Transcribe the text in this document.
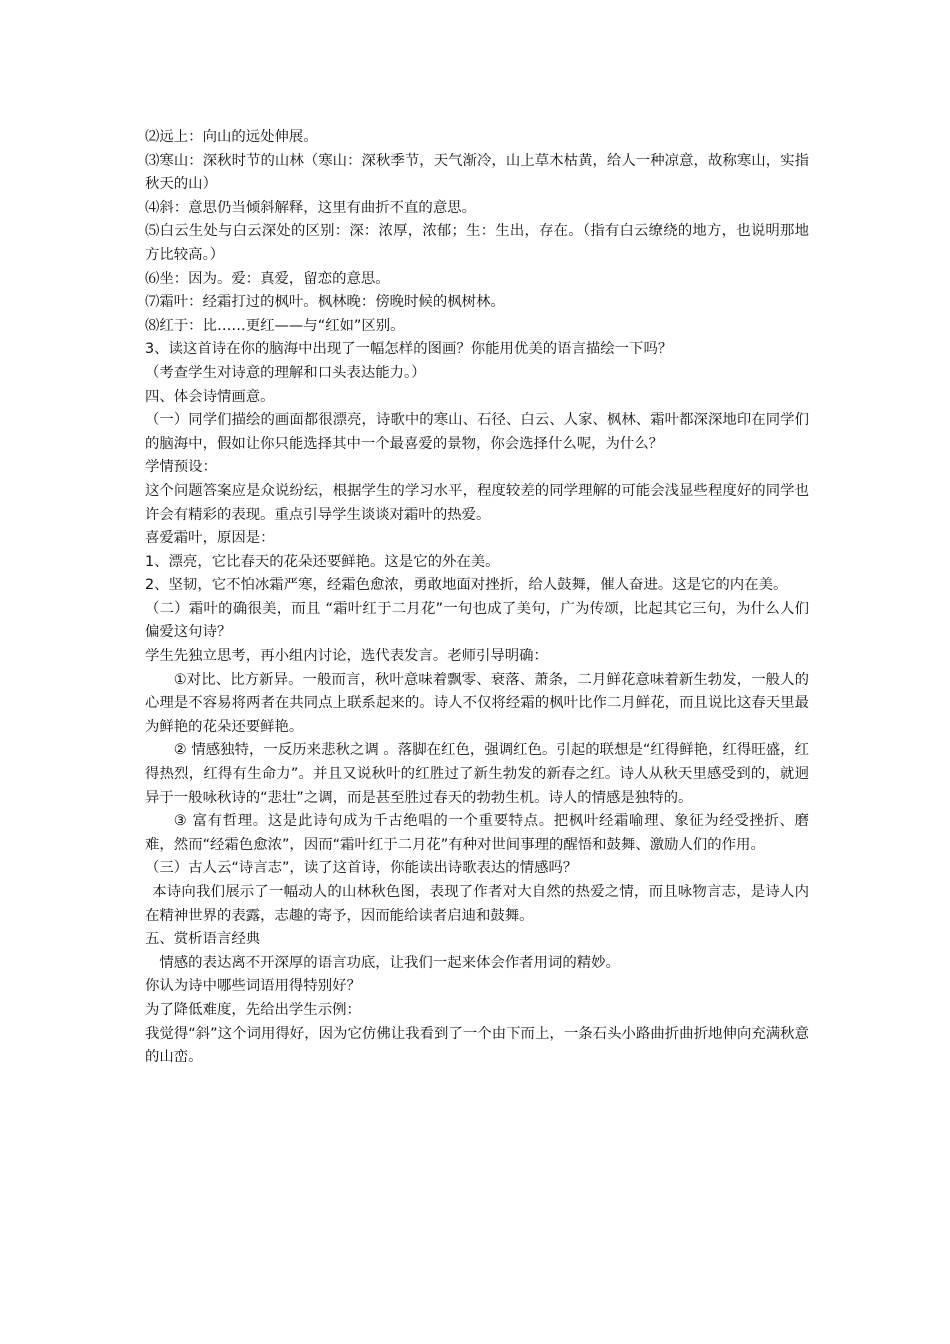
⑵远上：向山的远处伸展。

⑶寒山：深秋时节的山林（寒山：深秋季节，天气渐冷，山上草木枯黄，给人一种凉意，故称寒山，实指秋天的山）

⑷斜：意思仍当倾斜解释，这里有曲折不直的意思。

⑸白云生处与白云深处的区别：深：浓厚，浓郁；生：生出，存在。（指有白云缭绕的地方，也说明那地方比较高。）

⑹坐：因为。爱：真爱，留恋的意思。

⑺霜叶：经霜打过的枫叶。枫林晚：傍晚时候的枫树林。

⑻红于：比……更红——与“红如”区别。

3、读这首诗在你的脑海中出现了一幅怎样的图画？你能用优美的语言描绘一下吗？

（考查学生对诗意的理解和口头表达能力。）

四、体会诗情画意。

（一）同学们描绘的画面都很漂亮，诗歌中的寒山、石径、白云、人家、枫林、霜叶都深深地印在同学们的脑海中，假如让你只能选择其中一个最喜爱的景物，你会选择什么呢，为什么？

学情预设：

这个问题答案应是众说纷纭，根据学生的学习水平，程度较差的同学理解的可能会浅显些程度好的同学也许会有精彩的表现。重点引导学生谈谈对霜叶的热爱。

喜爱霜叶，原因是：

1、漂亮，它比春天的花朵还要鲜艳。这是它的外在美。

2、坚韧，它不怕冰霜严寒，经霜色愈浓，勇敢地面对挫折，给人鼓舞，催人奋进。这是它的内在美。

（二）霜叶的确很美，而且 “霜叶红于二月花”一句也成了美句，广为传颂，比起其它三句，为什么人们偏爱这句诗？

学生先独立思考，再小组内讨论，选代表发言。老师引导明确：

①对比、比方新异。一般而言，秋叶意味着飘零、衰落、萧条，二月鲜花意味着新生勃发，一般人的心理是不容易将两者在共同点上联系起来的。诗人不仅将经霜的枫叶比作二月鲜花，而且说比这春天里最为鲜艳的花朵还要鲜艳。

② 情感独特，一反历来悲秋之调 。落脚在红色，强调红色。引起的联想是“红得鲜艳，红得旺盛，红得热烈，红得有生命力”。并且又说秋叶的红胜过了新生勃发的新春之红。诗人从秋天里感受到的，就迥异于一般咏秋诗的“悲壮”之调，而是甚至胜过春天的勃勃生机。诗人的情感是独特的。

③ 富有哲理。这是此诗句成为千古绝唱的一个重要特点。把枫叶经霜喻理、象征为经受挫折、磨难，然而“经霜色愈浓”，因而“霜叶红于二月花”有种对世间事理的醒悟和鼓舞、激励人们的作用。

（三）古人云“诗言志”，读了这首诗，你能读出诗歌表达的情感吗？

本诗向我们展示了一幅动人的山林秋色图，表现了作者对大自然的热爱之情，而且咏物言志，是诗人内在精神世界的表露，志趣的寄予，因而能给读者启迪和鼓舞。

五、赏析语言经典

情感的表达离不开深厚的语言功底，让我们一起来体会作者用词的精妙。

你认为诗中哪些词语用得特别好？

为了降低难度，先给出学生示例：

我觉得“斜”这个词用得好，因为它仿佛让我看到了一个由下而上，一条石头小路曲折曲折地伸向充满秋意的山峦。
